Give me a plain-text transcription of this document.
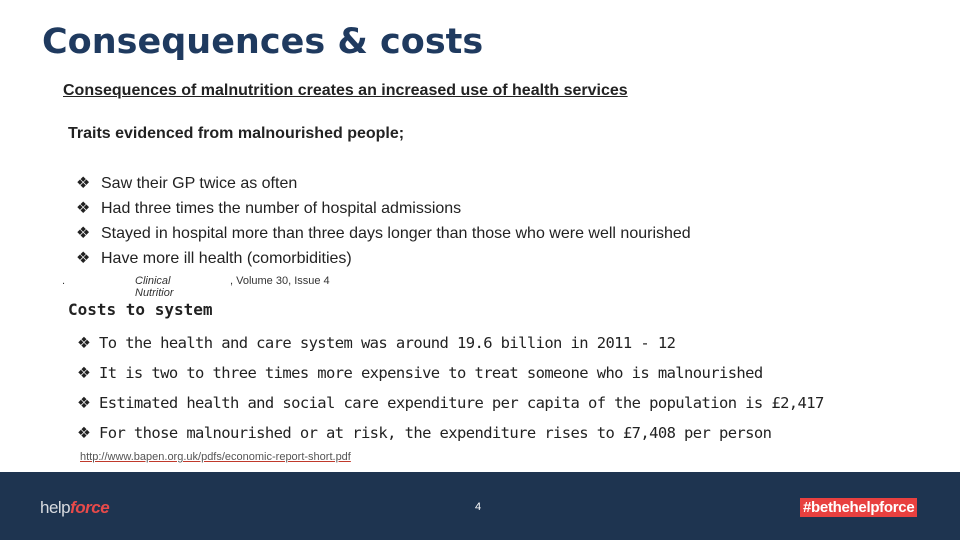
Consequences & costs
Consequences of malnutrition creates an increased use of health services
Traits evidenced from malnourished people;
❖ Saw their GP twice as often
❖ Had three times the number of hospital admissions
❖ Stayed in hospital more than three days longer than those who were well nourished
❖ Have more ill health (comorbidities)
.	Clinical Nutritior
, Volume 30, Issue 4
Costs to system
❖ To the health and care system was around 19.6 billion in 2011 - 12
❖ It is two to three times more expensive to treat someone who is malnourished
❖ Estimated health and social care expenditure per capita of the population is £2,417
❖ For those malnourished or at risk, the expenditure rises to £7,408 per person
http://www.bapen.org.uk/pdfs/economic-report-short.pdf
helpforce	4	#bethehelpforce
